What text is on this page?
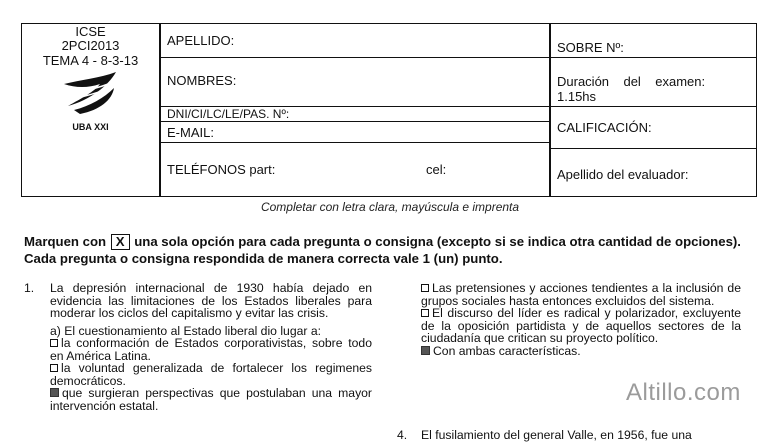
ICSE
2PCI2013
TEMA 4 - 8-3-13
UBA XXI
APELLIDO:
NOMBRES:
DNI/CI/LC/LE/PAS. Nº:
E-MAIL:
TELÉFONOS part:	cel:
SOBRE Nº:
Duración    del    examen:
1.15hs
CALIFICACIÓN:
Apellido del evaluador:
Completar con letra clara, mayúscula e imprenta
Marquen con X una sola opción para cada pregunta o consigna (excepto si se indica otra cantidad de opciones). Cada pregunta o consigna respondida de manera correcta vale 1 (un) punto.
1.	La depresión internacional de 1930 había dejado en evidencia las limitaciones de los Estados liberales para moderar los ciclos del capitalismo y evitar las crisis.

a) El cuestionamiento al Estado liberal dio lugar a:

la conformación de Estados corporativistas, sobre todo en América Latina.

la voluntad generalizada de fortalecer los regimenes democráticos.

que surgieran perspectivas que postulaban una mayor intervención estatal.

Las pretensiones y acciones tendientes a la inclusión de grupos sociales hasta entonces excluidos del sistema.

El discurso del líder es radical y polarizador, excluyente de la oposición partidista y de aquellos sectores de la ciudadanía que critican su proyecto político.

Con ambas características.

4.	El fusilamiento del general Valle, en 1956, fue una
Altillo.com
